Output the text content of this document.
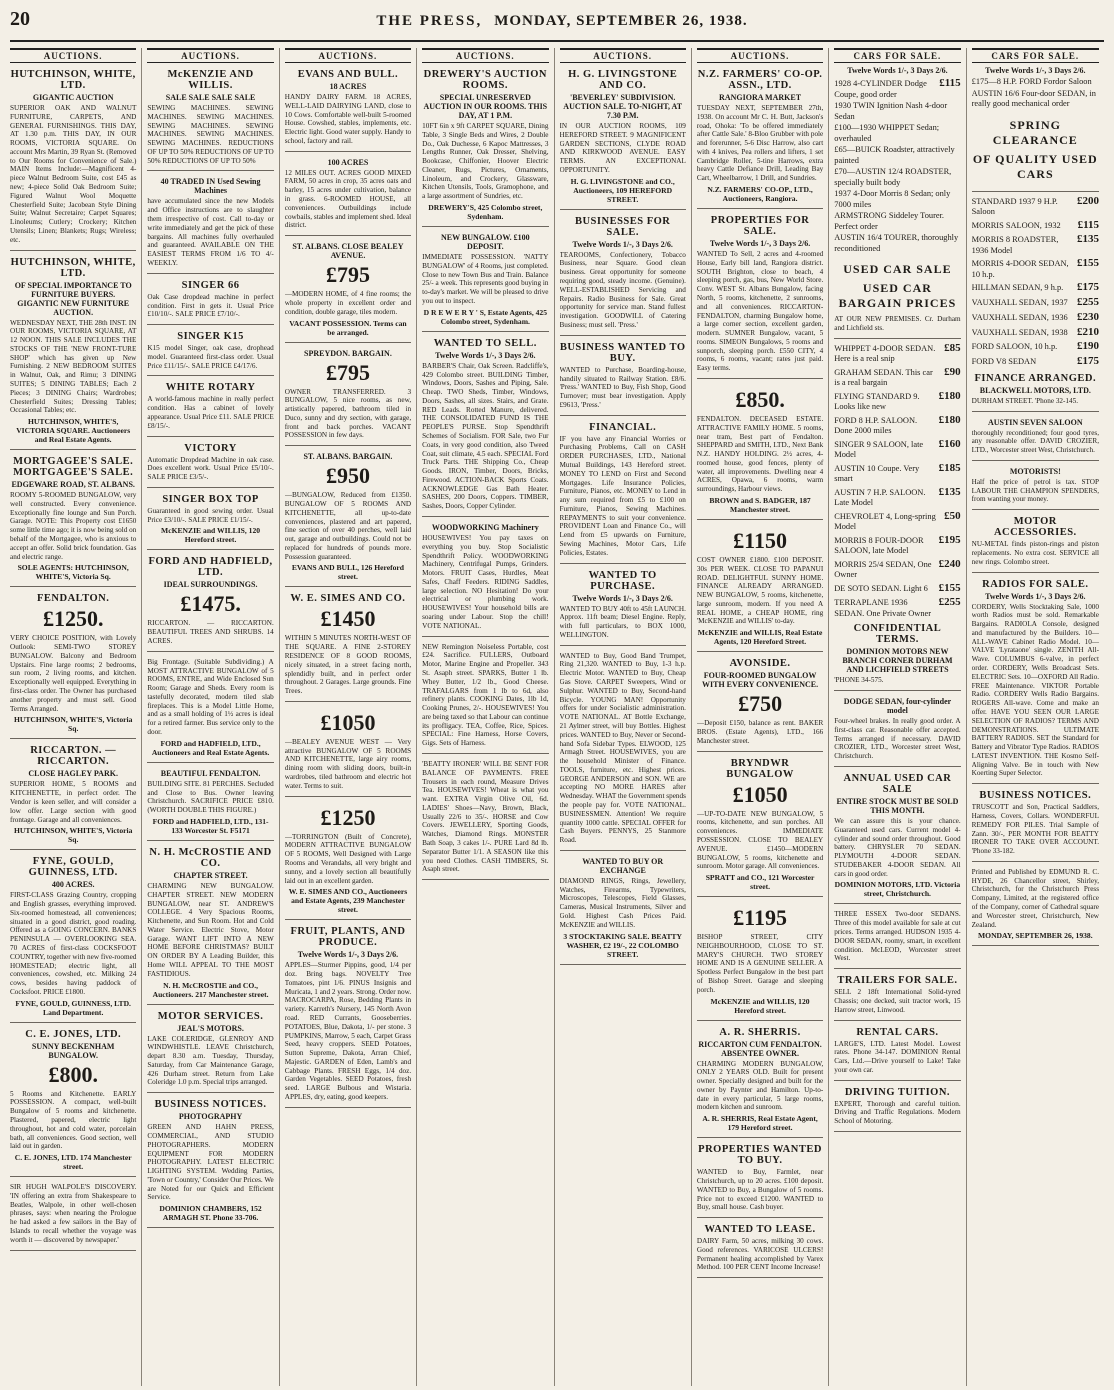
20	THE PRESS, MONDAY, SEPTEMBER 26, 1938.

AUCTIONS.
HUTCHINSON, WHITE, LTD.
GIGANTIC AUCTION
SUPERIOR OAK AND WALNUT FURNITURE, CARPETS, AND GENERAL FURNISHINGS. THIS DAY, AT 1.30 p.m. THIS DAY, IN OUR ROOMS, VICTORIA SQUARE. On account Mrs Martin, 39 Ryan St. (Removed to Our Rooms for Convenience of Sale.) MAIN Items Include:—Magnificent 4-piece Walnut Bedroom Suite, cost £45 as new; 4-piece Solid Oak Bedroom Suite; Figured Walnut Wool Moquette Chesterfield Suite; Jacobean Style Dining Suite; Walnut Secretaire; Carpet Squares; Linoleums; Cutlery; Crockery; Kitchen Utensils; Linen; Blankets; Rugs; Wireless; etc.
HUTCHINSON, WHITE, LTD.
OF SPECIAL IMPORTANCE TO FURNITURE BUYERS. GIGANTIC NEW FURNITURE AUCTION.
WEDNESDAY NEXT, THE 28th INST. IN OUR ROOMS, VICTORIA SQUARE, AT 12 NOON. THIS SALE INCLUDES THE STOCKS OF THE 'NEW FRONT-TURE SHOP' which has given up New Furnishing. 2 NEW BEDROOM SUITES in Walnut, Oak, and Rimu; 3 DINING SUITES; 5 DINING TABLES; Each 2 Pieces; 3 DINING Chairs; Wardrobes; Chesterfield Suites; Dressing Tables; Occasional Tables; etc.
HUTCHINSON, WHITE'S, VICTORIA SQUARE. Auctioneers and Real Estate Agents.
MORTGAGEE'S SALE. MORTGAGEE'S SALE.
EDGEWARE ROAD, ST. ALBANS.
ROOMY 5-ROOMED BUNGALOW, very well constructed. Every convenience. Exceptionally fine lounge and Sun Porch. Garage. NOTE: This Property cost £1650 some little time ago; it is now being sold on behalf of the Mortgagee, who is anxious to accept an offer. Solid brick foundation. Gas and electric range.
SOLE AGENTS: HUTCHINSON, WHITE'S, Victoria Sq.
FENDALTON.
£1250.
VERY CHOICE POSITION, with Lovely Outlook: SEMI-TWO STOREY BUNGALOW. Balcony and Bedroom Upstairs. Fine large rooms; 2 bedrooms, sun room, 2 living rooms, and kitchen. Exceptionally well equipped. Everything in first-class order. The Owner has purchased another property and must sell. Good Terms Arranged.
HUTCHINSON, WHITE'S, Victoria Sq.
RICCARTON. — RICCARTON.
CLOSE HAGLEY PARK.
SUPERIOR HOME, 5 ROOMS and KITCHENETTE, in perfect order. The Vendor is keen seller, and will consider a low offer. Large section with good frontage. Garage and all conveniences.
HUTCHINSON, WHITE'S, Victoria Sq.
FYNE, GOULD, GUINNESS, LTD.
400 ACRES.
FIRST-CLASS Grazing Country, cropping and English grasses, everything improved. Six-roomed homestead, all conveniences; situated in a good district, good roading. Offered as a GOING CONCERN. BANKS PENINSULA — OVERLOOKING SEA. 70 ACRES of first-class COCKSFOOT COUNTRY, together with new five-roomed HOMESTEAD; electric light, all conveniences, cowshed, etc. Milking 24 cows, besides having paddock of Cocksfoot. PRICE £1800.
FYNE, GOULD, GUINNESS, LTD. Land Department.
C. E. JONES, LTD.
SUNNY BECKENHAM BUNGALOW.
£800.
5 Rooms and Kitchenette. EARLY POSSESSION. A compact, well-built Bungalow of 5 rooms and kitchenette. Plastered, papered, electric light throughout, hot and cold water, porcelain bath, all conveniences. Good section, well laid out in garden.
C. E. JONES, LTD. 174 Manchester street.
SIR HUGH WALPOLE'S DISCOVERY. 'IN offering an extra from Shakespeare to Beatles, Walpole, in other well-chosen phrases, says: when nearing the Prologue he had asked a few sailors in the Bay of Islands to recall whether the voyage was worth it — discovered by newspaper.'
AUCTIONS.
McKENZIE AND WILLIS.
SALE SALE SALE SALE
SEWING MACHINES. SEWING MACHINES. SEWING MACHINES. SEWING MACHINES. SEWING MACHINES. SEWING MACHINES. SEWING MACHINES. REDUCTIONS OF UP TO 50% REDUCTIONS OF UP TO 50% REDUCTIONS OF UP TO 50%
40 TRADED IN Used Sewing Machines
have accumulated since the new Models and Office instructions are to slaughter them irrespective of cost. Call to-day or write immediately and get the pick of these bargains. All machines fully overhauled and guaranteed. AVAILABLE ON THE EASIEST TERMS FROM 1/6 TO 4/- WEEKLY.
SINGER 66
Oak Case dropdead machine in perfect condition. First in gets it. Usual Price £10/10/-. SALE PRICE £7/10/-.
SINGER K15
K15 model Singer, oak case, drophead model. Guaranteed first-class order. Usual Price £11/15/-. SALE PRICE £4/17/6.
WHITE ROTARY
A world-famous machine in really perfect condition. Has a cabinet of lovely appearance. Usual Price £11. SALE PRICE £8/15/-.
VICTORY
Automatic Dropdead Machine in oak case. Does excellent work. Usual Price £5/10/-. SALE PRICE £3/5/-.
SINGER BOX TOP
Guaranteed in good sewing order. Usual Price £3/10/-. SALE PRICE £1/15/-.
McKENZIE and WILLIS, 120 Hereford street.
FORD AND HADFIELD, LTD.
IDEAL SURROUNDINGS.
£1475.
RICCARTON. — RICCARTON. BEAUTIFUL TREES AND SHRUBS. 14 ACRES.
Big Frontage. (Suitable Subdividing.) A MOST ATTRACTIVE BUNGALOW of 5 ROOMS, ENTRE, and Wide Enclosed Sun Room; Garage and Sheds. Every room is tastefully decorated, modern tiled slab fireplaces. This is a Model Little Home, and as a small holding of 1½ acres is ideal for a retired farmer. Bus service only to the door.
FORD and HADFIELD, LTD., Auctioneers and Real Estate Agents.
BEAUTIFUL FENDALTON.
BUILDING SITE. 81 PERCHES. Secluded and Close to Bus. Owner leaving Christchurch. SACRIFICE PRICE £810. (WORTH DOUBLE THIS FIGURE.)
FORD and HADFIELD, LTD., 131-133 Worcester St. F5171
N. H. McCROSTIE AND CO.
CHAPTER STREET.
CHARMING NEW BUNGALOW. CHAPTER STREET. NEW MODERN BUNGALOW, near ST. ANDREW'S COLLEGE. 4 Very Spacious Rooms, Kitchenette, and Sun Room. Hot and Cold Water Service. Electric Stove, Motor Garage. WANT LIFT INTO A NEW HOME BEFORE CHRISTMAS? BUILT ON ORDER BY A Leading Builder, this Home WILL APPEAL TO THE MOST FASTIDIOUS.
N. H. McCROSTIE and CO., Auctioneers. 217 Manchester street.
MOTOR SERVICES.
JEAL'S MOTORS.
LAKE COLERIDGE, GLENROY AND WINDWHISTLE. LEAVE Christchurch, depart 8.30 a.m. Tuesday, Thursday, Saturday, from Car Maintenance Garage, 426 Durham street. Return from Lake Coleridge 1.0 p.m. Special trips arranged.
BUSINESS NOTICES.
PHOTOGRAPHY
GREEN AND HAHN PRESS, COMMERCIAL, AND STUDIO PHOTOGRAPHERS. MODERN EQUIPMENT FOR MODERN PHOTOGRAPHY. LATEST ELECTRIC LIGHTING SYSTEM. Wedding Parties, 'Town or Country,' Consider Our Prices. We are Noted for our Quick and Efficient Service.
DOMINION CHAMBERS, 152 ARMAGH ST. Phone 33-706.
AUCTIONS.
EVANS AND BULL.
18 ACRES
HANDY DAIRY FARM. 18 ACRES, WELL-LAID DAIRYING LAND, close to 10 Cows. Comfortable well-built 5-roomed House. Cowshed, stables, implements, etc. Electric light. Good water supply. Handy to school, factory and rail.
100 ACRES
12 MILES OUT. ACRES GOOD MIXED FARM, 50 acres in crop, 35 acres oats and barley, 15 acres under cultivation, balance in grass. 6-ROOMED HOUSE, all conveniences. Outbuildings include cowbails, stables and implement shed. Ideal district.
ST. ALBANS. CLOSE BEALEY AVENUE.
£795
—MODERN HOME, of 4 fine rooms; the whole property in excellent order and condition, double garage, tiles modern.
VACANT POSSESSION. Terms can be arranged.
SPREYDON. BARGAIN.
£795
OWNER TRANSFERRED. 3 BUNGALOW, 5 nice rooms, as new, artistically papered, bathroom tiled in Duco, sunny and dry section, with garage, front and back porches. VACANT POSSESSION in few days.
ST. ALBANS. BARGAIN.
£950
—BUNGALOW, Reduced from £1350. BUNGALOW OF 5 ROOMS AND KITCHENETTE, all up-to-date conveniences, plastered and art papered, fine section of over 40 perches, well laid out, garage and outbuildings. Could not be replaced for hundreds of pounds more. Possession guaranteed.
EVANS AND BULL, 126 Hereford street.
W. E. SIMES AND CO.
£1450
WITHIN 5 MINUTES NORTH-WEST OF THE SQUARE. A FINE 2-STOREY RESIDENCE OF 8 GOOD ROOMS, nicely situated, in a street facing north, splendidly built, and in perfect order throughout. 2 Garages. Large grounds. Fine Trees.
£1050
—BEALEY AVENUE WEST — Very attractive BUNGALOW OF 5 ROOMS AND KITCHENETTE, large airy rooms, dining room with sliding doors, built-in wardrobes, tiled bathroom and electric hot water. Terms to suit.
£1250
—TORRINGTON (Built of Concrete), MODERN ATTRACTIVE BUNGALOW OF 5 ROOMS, Well Designed with Large Rooms and Verandahs, all very bright and sunny, and a lovely section all beautifully laid out in an excellent garden.
W. E. SIMES AND CO., Auctioneers and Estate Agents, 239 Manchester street.
FRUIT, PLANTS, AND PRODUCE.
Twelve Words 1/-, 3 Days 2/6.
APPLES—Sturmer Pippins, good, 1/4 per doz. Bring bags. NOVELTY Tree Tomatoes, pint 1/6. PINUS Insignis and Muricata, 1 and 2 years. Strong. Order now. MACROCARPA, Rose, Bedding Plants in variety. Karreth's Nursery, 145 North Avon road. RED Currants, Gooseberries. POTATOES, Blue, Dakota, 1/- per stone. 3 PUMPKINS, Marrow, 5 each, Carpet Grass Seed, heavy croppers. SEED Potatoes, Sutton Supreme, Dakota, Arran Chief, Majestic. GARDEN of Eden, Lamb's and Cabbage Plants. FRESH Eggs, 1/4 doz. Garden Vegetables. SEED Potatoes, fresh seed. LARGE Bulbous and Wistaria. APPLES, dry, eating, good keepers.
AUCTIONS.
DREWERY'S AUCTION ROOMS.
SPECIAL UNRESERVED AUCTION IN OUR ROOMS. THIS DAY, AT 1 P.M.
10FT 6in x 9ft CARPET SQUARE, Dining Table, 3 Single Beds and Wires, 2 Double Do., Oak Duchesse, 6 Kapoc Mattresses, 3 Lengths Runner, Oak Dresser, Shelving, Bookcase, Chiffonier, Hoover Electric Cleaner, Rugs, Pictures, Ornaments, Linoleum, and Crockery, Glassware, Kitchen Utensils, Tools, Gramophone, and a large assortment of Sundries, etc.
DREWERY'S, 425 Colombo street, Sydenham.
NEW BUNGALOW. £100 DEPOSIT.
IMMEDIATE POSSESSION. 'NATTY BUNGALOW' of 4 Rooms, just completed. Close to new Town Bus and Train. Balance 25/- a week. This represents good buying in to-day's market. We will be pleased to drive you out to inspect.
D R E W E R Y ' S, Estate Agents, 425 Colombo street, Sydenham.
WANTED TO SELL.
Twelve Words 1/-, 3 Days 2/6.
BARBER'S Chair, Oak Screen. Radcliffe's, 429 Colombo street. BUILDING Timber, Windows, Doors, Sashes and Piping, Sale. Cheap. TWO Sheds, Timber, Windows, Doors, Sashes, all sizes. Stairs, and Grate. RED Leads. Rotted Manure, delivered. THE CONSOLIDATED FUND IS THE PEOPLE'S PURSE. Stop Spendthrift Schemes of Socialism. FOR Sale, two Fur Coats, in very good condition, also Tweed Coat, suit climate, 4.5 each. SPECIAL Ford Truck Parts. THE Shipping Co., Cheap Goods. IRON, Timber, Doors, Bricks, Firewood. ACTION-BACK Sports Coats. ACKNOWLEDGE Gas Bath Heater. SASHES, 200 Doors, Coppers. TIMBER, Sashes, Doors, Copper Cylinder.
WOODWORKING Machinery
HOUSEWIVES! You pay taxes on everything you buy. Stop Socialistic Spendthrift Policy. WOODWORKING Machinery, Centrifugal Pumps, Grinders. Motors. FRUIT Cases, Hurdles, Meat Safes, Chaff Feeders. RIDING Saddles, large selection. NO Hesitation! Do your electrical or plumbing work. HOUSEWIVES! Your household bills are soaring under Labour. Stop the chill! VOTE NATIONAL.
NEW Remington Noiseless Portable, cost £24. Sacrifice. FULLERS, Outboard Motor, Marine Engine and Propeller. 343 St. Asaph street. SPARKS, Butter 1 lb. Whey Butter, 1/2 lb., Good Cheese. TRAFALGARS from 1 lb to 6d, also refinery plants. COOKING Dates, 1lb 1d, Cooking Prunes, 2/-. HOUSEWIVES! You are being taxed so that Labour can continue its profligacy. TEA, Coffee, Rice, Spices. SPECIAL: Fine Harness, Horse Covers, Gigs. Sets of Harness.
'BEATTY IRONER' WILL BE SENT FOR BALANCE OF PAYMENTS. FREE Trousers in each round, Measure Drives Tea. HOUSEWIVES! Wheat is what you want. EXTRA Virgin Olive Oil, 6d. LADIES' Shoes—Navy, Brown, Black, Usually 22/6 to 35/-. HORSE and Cow Covers. JEWELLERY, Sporting Goods, Watches, Diamond Rings. MONSTER Bath Soap, 3 cakes 1/-. PURE Lard 8d lb. Separator Butter 1/1. A SEASON like this you need Clothes. CASH TIMBERS, St. Asaph street.
AUCTIONS.
H. G. LIVINGSTONE AND CO.
'BEVERLEY' SUBDIVISION. AUCTION SALE. TO-NIGHT, AT 7.30 P.M.
IN OUR AUCTION ROOMS, 109 HEREFORD STREET. 9 MAGNIFICENT GARDEN SECTIONS, CLYDE ROAD AND KIRKWOOD AVENUE. EASY TERMS. AN EXCEPTIONAL OPPORTUNITY.
H. G. LIVINGSTONE and CO., Auctioneers, 109 HEREFORD STREET.
BUSINESSES FOR SALE.
Twelve Words 1/-, 3 Days 2/6.
TEAROOMS, Confectionery, Tobacco Business, near Square. Good clean business. Great opportunity for someone requiring good, steady income. (Genuine). WELL-ESTABLISHED Servicing and Repairs. Radio Business for Sale. Great opportunity for service man. Stand fullest investigation. GOODWILL of Catering Business; must sell. 'Press.'
BUSINESS WANTED TO BUY.
WANTED to Purchase, Boarding-house, handily situated to Railway Station. £8/6. 'Press.' WANTED to Buy, Fish Shop, Good Turnover; must bear investigation. Apply £9613, 'Press.'
FINANCIAL.
IF you have any Financial Worries or Purchasing Problems, Call on CASH ORDER PURCHASES, LTD., National Mutual Buildings, 143 Hereford street. MONEY TO LEND on First and Second Mortgages. Life Insurance Policies, Furniture, Pianos, etc. MONEY to Lend in any sum required from £5 to £100 on Furniture, Pianos, Sewing Machines. REPAYMENTS to suit your convenience. PROVIDENT Loan and Finance Co., will Lend from £5 upwards on Furniture, Sewing Machines, Motor Cars, Life Policies, Estates.
WANTED TO PURCHASE.
Twelve Words 1/-, 3 Days 2/6.
WANTED TO BUY 40ft to 45ft LAUNCH. Approx. 11ft beam; Diesel Engine. Reply, with full particulars, to BOX 1000, WELLINGTON.
WANTED to Buy, Good Band Trumpet, Ring 21,320. WANTED to Buy, 1-3 h.p. Electric Motor. WANTED to Buy, Cheap Gas Stove. CARPET Sweepers, Wind or Sulphur. WANTED to Buy, Second-hand Bicycle. YOUNG MAN! Opportunity offers for under Socialistic administration. VOTE NATIONAL. AT Bottle Exchange, 21 Aylmer street, will buy Bottles. Highest prices. WANTED to Buy, Never or Second-hand Sofa Sidebar Types. ELWOOD, 125 Armagh Street. HOUSEWIVES, you are the household Minister of Finance. TOOLS, furniture, etc. Highest prices. GEORGE ANDERSON and SON. WE are accepting NO MORE HARES after Wednesday. WHAT the Government spends the people pay for. VOTE NATIONAL. BUSINESSMEN. Attention! We require quantity 1000 cattle. SPECIAL OFFER for Cash Buyers. PENNYS, 25 Stanmore Road.
WANTED TO BUY OR EXCHANGE
DIAMOND RINGS, Rings, Jewellery, Watches, Firearms, Typewriters, Microscopes, Telescopes, Field Glasses, Cameras, Musical Instruments, Silver and Gold. Highest Cash Prices Paid. McKENZIE and WILLIS.
3 STOCKTAKING SALE. BEATTY WASHER, £2 19/-, 22 COLOMBO STREET.
AUCTIONS.
N.Z. FARMERS' CO-OP. ASSN., LTD.
RANGIORA MARKET
TUESDAY NEXT, SEPTEMBER 27th, 1938. On account Mr C. H. Butt, Jackson's road, Ohoka: 'To be offered immediately after Cattle Sale.' 8-Bloo Grubber with pole and forerunner, 5-6 Disc Harrow, also cart with 4 knives, Pea rollers and lifters, 1 set Cambridge Roller, 5-tine Harrows, extra heavy Cattle Defiance Drill, Leading Bay Cart, Wheelbarrow, 1 Drill, and Sundries.
N.Z. FARMERS' CO-OP., LTD., Auctioneers, Rangiora.
PROPERTIES FOR SALE.
Twelve Words 1/-, 3 Days 2/6.
WANTED To Sell, 2 acres and 4-roomed House, Early bill land, Rangiora district. SOUTH Brighton, close to beach, 4 sleeping porch, gas, bus, New World Store. Conv. WEST St. Albans Bungalow, facing North, 5 rooms, kitchenette, 2 sunrooms, and all conveniences. RICCARTON-FENDALTON, charming Bungalow home, a large corner section, excellent garden, modern. SUMNER Bungalow, vacant, 5 rooms. SIMEON Bungalows, 5 rooms and sunporch, sleeping porch. £550 CITY, 4 rooms, 6 rooms, vacant; rates just paid. Easy terms.
£850.
FENDALTON. DECEASED ESTATE. ATTRACTIVE FAMILY HOME. 5 rooms, near tram, Best part of Fendalton. SHEPPARD and SMITH, LTD., Next Bank N.Z. HANDY HOLDING. 2½ acres, 4-roomed house, good fences, plenty of water, all improvements. Dwelling near 4 ACRES, Opawa, 6 rooms, warm surroundings, Harbour views.
BROWN and S. BADGER, 187 Manchester street.
£1150
COST OWNER £1800. £100 DEPOSIT. 30s PER WEEK. CLOSE TO PAPANUI ROAD. DELIGHTFUL SUNNY HOME. FINANCE ALREADY ARRANGED. NEW BUNGALOW, 5 rooms, kitchenette, large sunroom, modern. If you need A REAL HOME, a CHEAP HOME, ring 'McKENZIE and WILLIS' to-day.
McKENZIE and WILLIS, Real Estate Agents, 120 Hereford Street.
AVONSIDE.
FOUR-ROOMED BUNGALOW WITH EVERY CONVENIENCE.
£750
—Deposit £150, balance as rent. BAKER BROS. (Estate Agents), LTD., 166 Manchester street.
BRYNDWR BUNGALOW
£1050
—UP-TO-DATE NEW BUNGALOW, 5 rooms, kitchenette, and sun porches. All conveniences. IMMEDIATE POSSESSION. CLOSE TO BEALEY AVENUE. £1450—MODERN BUNGALOW, 5 rooms, kitchenette and sunroom. Motor garage. All conveniences.
SPRATT and CO., 121 Worcester street.
£1195
BISHOP STREET, CITY NEIGHBOURHOOD, CLOSE TO ST. MARY'S CHURCH. TWO STOREY HOME AND IS A GENUINE SELLER. A Spotless Perfect Bungalow in the best part of Bishop Street. Garage and sleeping porch.
McKENZIE and WILLIS, 120 Hereford street.
A. R. SHERRIS.
RICCARTON CUM FENDALTON. ABSENTEE OWNER.
CHARMING MODERN BUNGALOW, ONLY 2 YEARS OLD. Built for present owner. Specially designed and built for the owner by Paynter and Hamilton. Up-to-date in every particular, 5 large rooms, modern kitchen and sunroom.
A. R. SHERRIS, Real Estate Agent, 179 Hereford street.
PROPERTIES WANTED TO BUY.
WANTED to Buy, Farmlet, near Christchurch, up to 20 acres. £100 deposit. WANTED to Buy, a Bungalow of 5 rooms. Price not to exceed £1200. WANTED to Buy, small house. Cash buyer.
WANTED TO LEASE.
DAIRY Farm, 50 acres, milking 30 cows. Good references. VARICOSE ULCERS! Permanent healing accomplished by Varex Method. 100 PER CENT Income Increase!
CARS FOR SALE.
Twelve Words 1/-, 3 Days 2/6.
1928 4-CYLINDER Dodge Coupe, good order
£115
1930 TWIN Ignition Nash 4-door Sedan
£100—1930 WHIPPET Sedan; overhauled
£65—BUICK Roadster, attractively painted
£70—AUSTIN 12/4 ROADSTER, specially built body
1937 4-Door Morris 8 Sedan; only 7000 miles
ARMSTRONG Siddeley Tourer. Perfect order
AUSTIN 16/4 TOURER, thoroughly reconditioned
USED CAR SALE
USED CAR BARGAIN PRICES
AT OUR NEW PREMISES. Cr. Durham and Lichfield sts.
WHIPPET 4-DOOR SEDAN. Here is a real snip
£85
GRAHAM SEDAN. This car is a real bargain
£90
FLYING STANDARD 9. Looks like new
£180
FORD 8 H.P. SALOON. Done 2000 miles
£180
SINGER 9 SALOON, late Model
£160
AUSTIN 10 Coupe. Very smart
£185
AUSTIN 7 H.P. SALOON. Late Model
£135
CHEVROLET 4, Long-spring Model
£50
MORRIS 8 FOUR-DOOR SALOON, late Model
£195
MORRIS 25/4 SEDAN, One Owner
£240
DE SOTO SEDAN. Light 6 £155
TERRAPLANE 1936 SEDAN. One Private Owner
£255
CONFIDENTIAL TERMS.
DOMINION MOTORS NEW BRANCH CORNER DURHAM AND LICHFIELD STREETS
'PHONE 34-575.
DODGE SEDAN, four-cylinder model
Four-wheel brakes. In really good order. A first-class car. Reasonable offer accepted. Terms arranged if necessary. DAVID CROZIER, LTD., Worcester street West, Christchurch.
ANNUAL USED CAR SALE
ENTIRE STOCK MUST BE SOLD THIS MONTH.
We can assure this is your chance. Guaranteed used cars. Current model 4-cylinder and sound order throughout. Good battery. CHRYSLER 70 SEDAN. PLYMOUTH 4-DOOR SEDAN. STUDEBAKER 4-DOOR SEDAN. All cars in good order.
DOMINION MOTORS, LTD. Victoria street, Christchurch.
THREE ESSEX Two-door SEDANS. Three of this model available for sale at cut prices. Terms arranged. HUDSON 1935 4-DOOR SEDAN, roomy, smart, in excellent condition. McLEOD, Worcester street West.
TRAILERS FOR SALE.
SELL 2 18ft International Solid-tyred Chassis; one decked, suit tractor work, 15 Harrow street, Linwood.
RENTAL CARS.
LARGE'S, LTD. Latest Model. Lowest rates. Phone 34-147. DOMINION Rental Cars, Ltd.—Drive yourself to Lake! Take your own car.
DRIVING TUITION.
EXPERT, Thorough and careful tuition. Driving and Traffic Regulations. Modern School of Motoring.
CARS FOR SALE.
Twelve Words 1/-, 3 Days 2/6.
£175—8 H.P. FORD Fordor Saloon
AUSTIN 16/6 Four-door SEDAN, in really good mechanical order
SPRING CLEARANCE
OF QUALITY USED CARS
STANDARD 1937 9 H.P. Saloon
£200
MORRIS SALOON, 1932 £115
MORRIS 8 ROADSTER, 1936 Model
£135
MORRIS 4-DOOR SEDAN, 10 h.p.
£155
HILLMAN SEDAN, 9 h.p. £175
VAUXHALL SEDAN, 1937 £255
VAUXHALL SEDAN, 1936 £230
VAUXHALL SEDAN, 1938 £210
FORD SALOON, 10 h.p. £190
FORD V8 SEDAN	£175
FINANCE ARRANGED.
BLACKWELL MOTORS, LTD.
DURHAM STREET. 'Phone 32-145.
AUSTIN SEVEN SALOON
thoroughly reconditioned; four good tyres, any reasonable offer. DAVID CROZIER, LTD., Worcester street West, Christchurch.
MOTORISTS!
Half the price of petrol is tax. STOP LABOUR THE CHAMPION SPENDERS, from wanting your money.
MOTOR ACCESSORIES.
NU-METAL finds piston-rings and piston replacements. No extra cost. SERVICE all new rings. Colombo street.
RADIOS FOR SALE.
Twelve Words 1/-, 3 Days 2/6.
CORDERY, Wells Stocktaking Sale, 1000 worth Radios must be sold. Remarkable Bargains. RADIOLA Console, designed and manufactured by the Builders. 10—ALL-WAVE Cabinet Radio Model. 10—VALVE 'Lyrataone' single. ZENITH All-Wave. COLUMBUS 6-valve, in perfect order. CORDERY, Wells Broadcast Sets. ELECTRIC Sets. 10—OXFORD All Radio. FREE Maintenance. VIKTOR Portable Radio. CORDERY Wells Radio Bargains. ROGERS All-wave. Come and make an offer. HAVE YOU SEEN OUR LARGE SELECTION OF RADIOS? TERMS AND DEMONSTRATIONS. ULTIMATE BATTERY RADIOS. SET the Standard for Battery and Vibrator Type Radios. RADIOS LATEST INVENTION. THE Kosmo Self-Aligning Valve. Be in touch with New Koerting Super Selector.
BUSINESS NOTICES.
TRUSCOTT and Son, Practical Saddlers, Harness, Covers, Collars. WONDERFUL REMEDY FOR PILES. Trial Sample of Zann. 30/-, PER MONTH FOR BEATTY IRONER TO TAKE OVER ACCOUNT. 'Phone 33-182.
Printed and Published by EDMUND R. C. HYDE, 26 Chancellor street, Shirley, Christchurch, for the Christchurch Press Company, Limited, at the registered office of the Company, corner of Cathedral square and Worcester street, Christchurch, New Zealand.
MONDAY, SEPTEMBER 26, 1938.
